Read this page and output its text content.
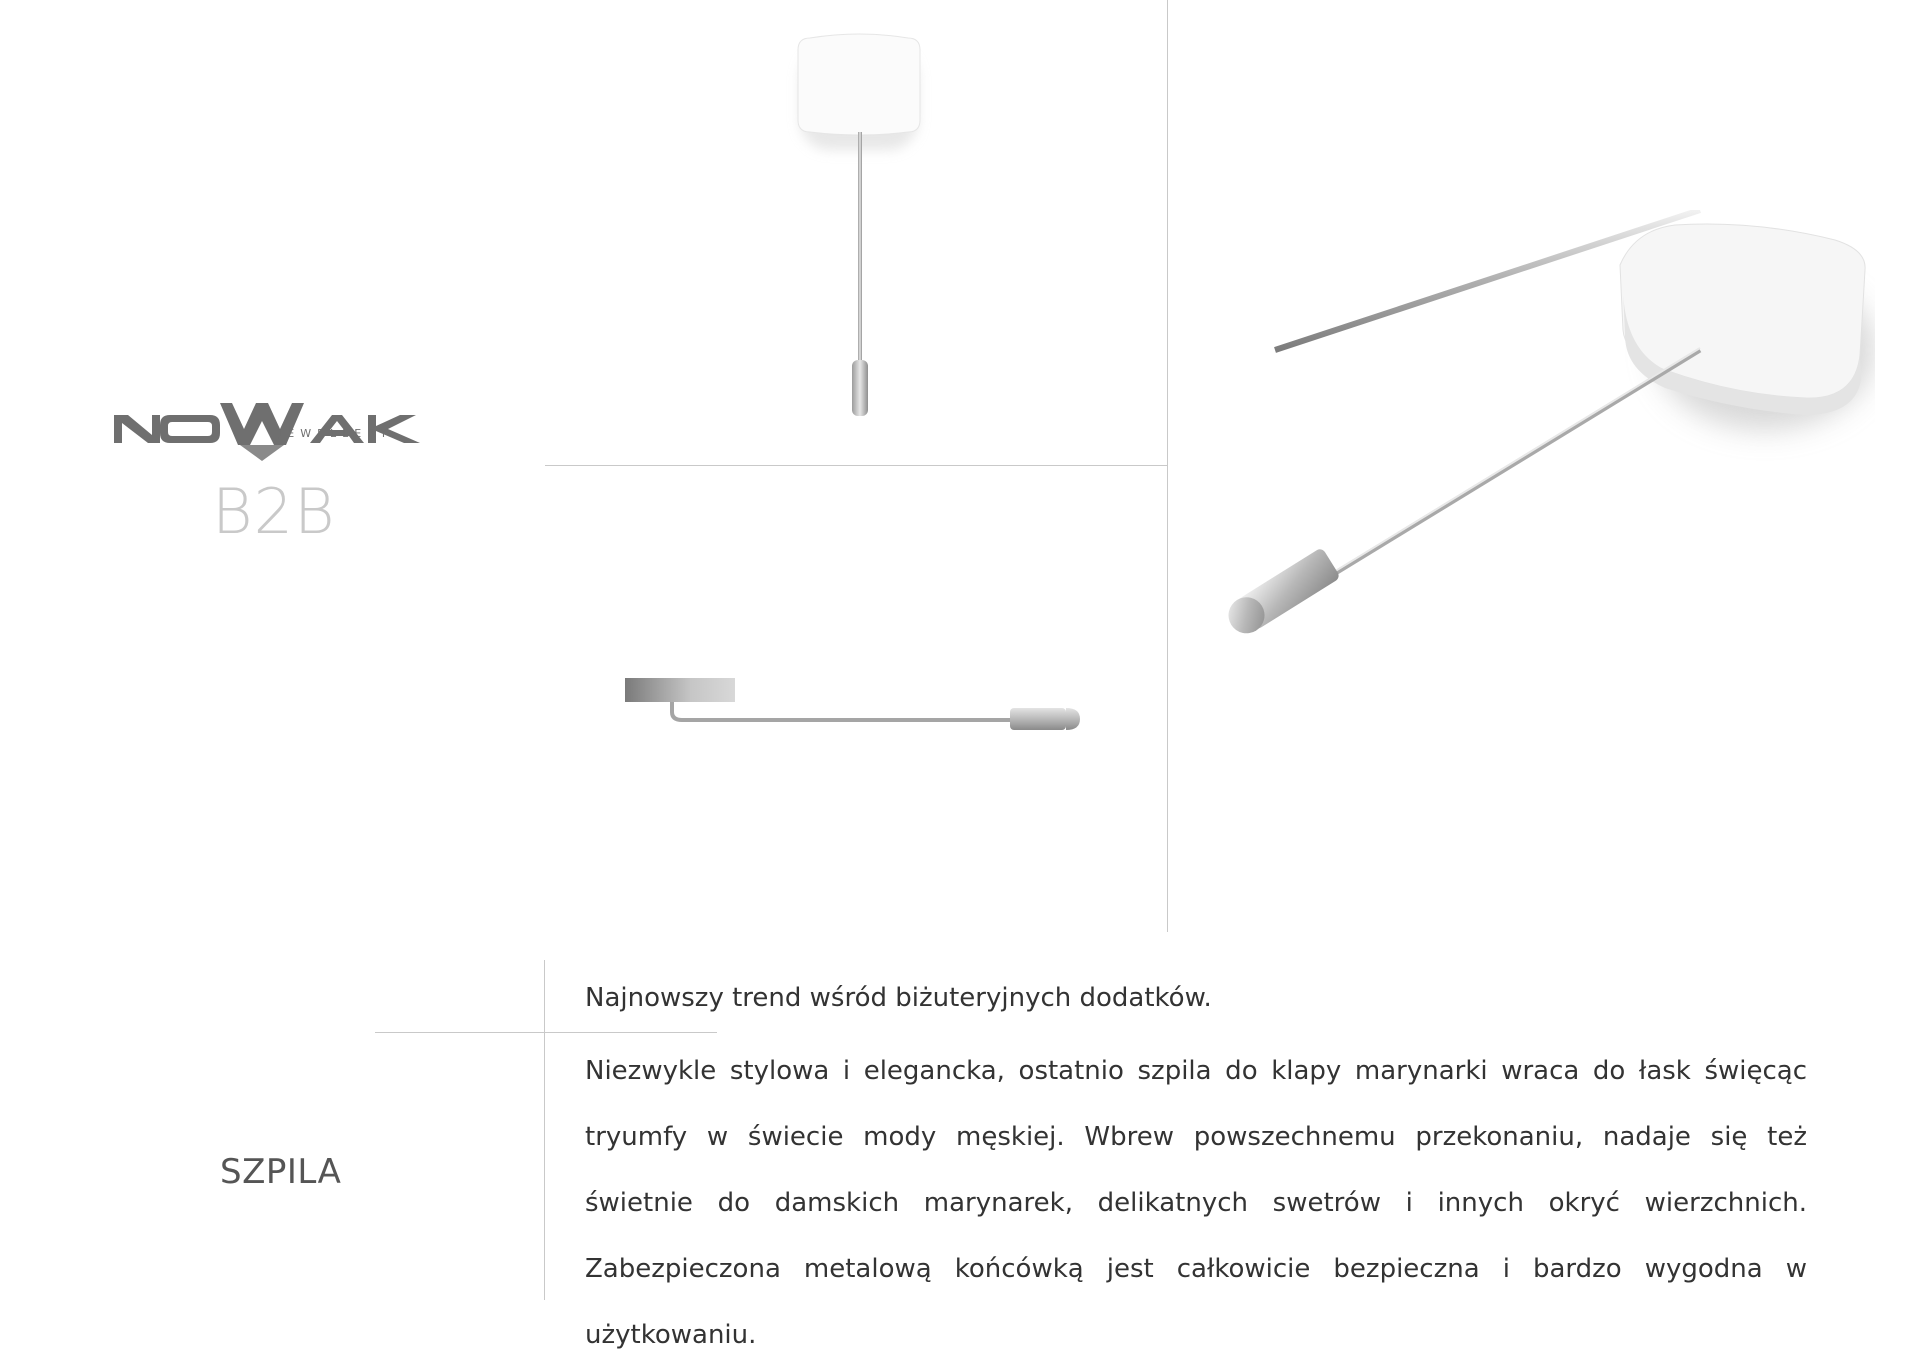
JEWELLERY
B2B
SZPILA

Najnowszy trend wśród biżuteryjnych dodatków.

Niezwykle stylowa i elegancka, ostatnio szpila do klapy marynarki wraca do łask święcąc tryumfy w świecie mody męskiej. Wbrew powszechnemu przekonaniu, nadaje się też świetnie do damskich marynarek, delikatnych swetrów i innych okryć wierzchnich. Zabezpieczona metalową końcówką jest całkowicie bezpieczna i bardzo wygodna w użytkowaniu.
